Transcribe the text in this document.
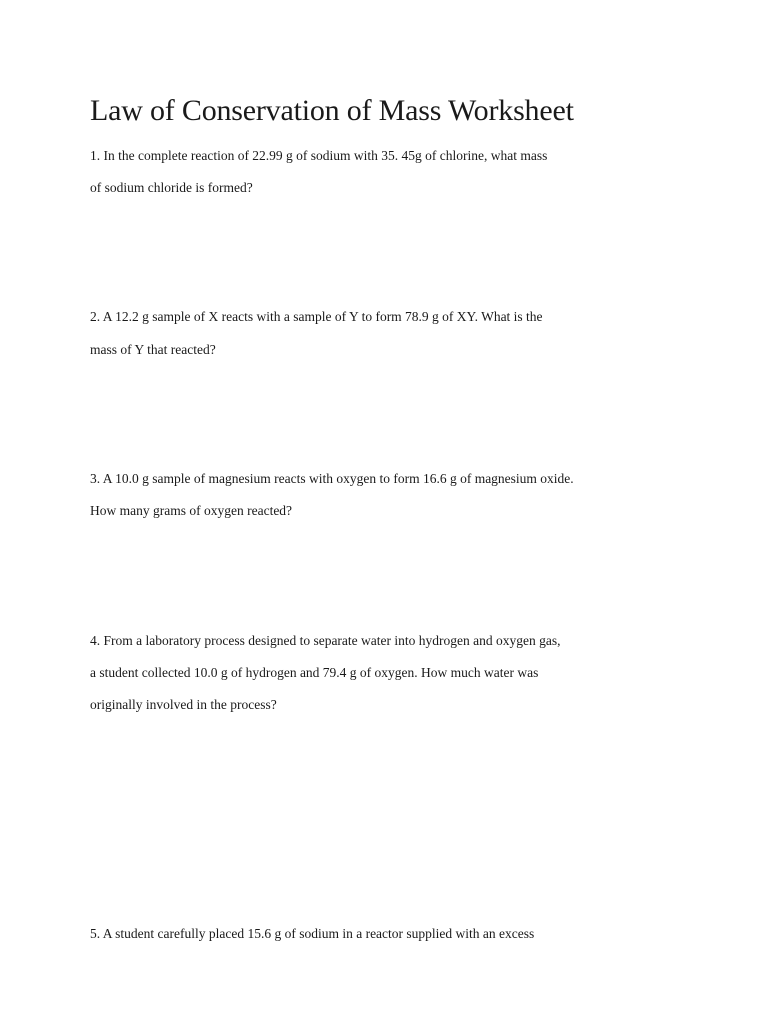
Law of Conservation of Mass Worksheet

1. In the complete reaction of 22.99 g of sodium with 35. 45g of chlorine, what mass

of sodium chloride is formed?

2. A 12.2 g sample of X reacts with a sample of Y to form 78.9 g of XY. What is the

mass of Y that reacted?

3. A 10.0 g sample of magnesium reacts with oxygen to form 16.6 g of magnesium oxide.

How many grams of oxygen reacted?

4. From a laboratory process designed to separate water into hydrogen and oxygen gas,

a student collected 10.0 g of hydrogen and 79.4 g of oxygen. How much water was

originally involved in the process?

5. A student carefully placed 15.6 g of sodium in a reactor supplied with an excess
